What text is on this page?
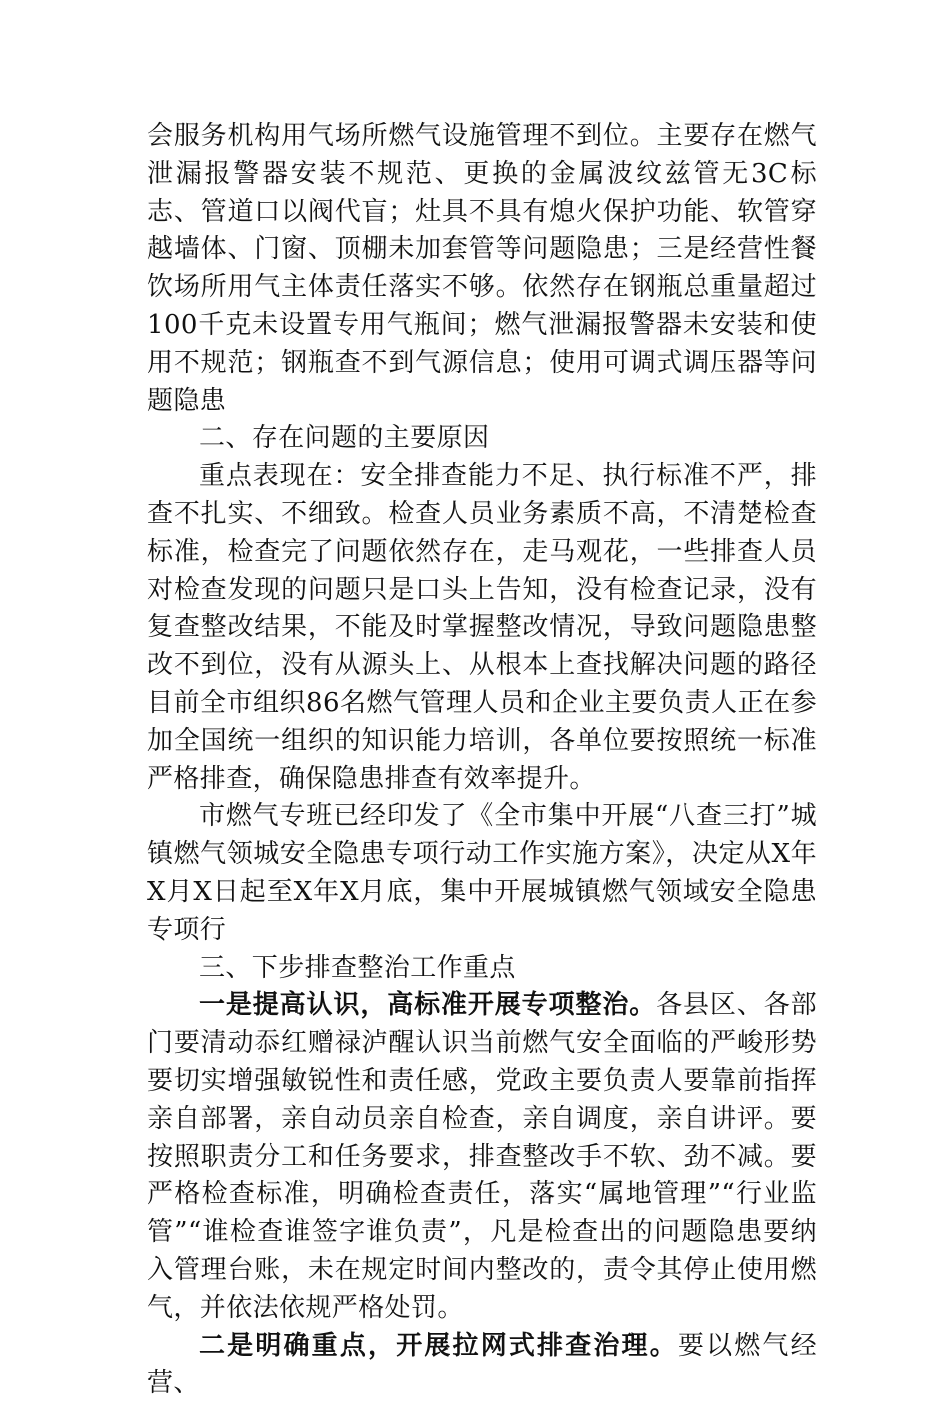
会服务机构用气场所燃气设施管理不到位。主要存在燃气泄漏报警器安装不规范、更换的金属波纹兹管无3C标志、管道口以阀代盲；灶具不具有熄火保护功能、软管穿越墙体、门窗、顶棚未加套管等问题隐患；三是经营性餐饮场所用气主体责任落实不够。依然存在钢瓶总重量超过100千克未设置专用气瓶间；燃气泄漏报警器未安装和使用不规范；钢瓶查不到气源信息；使用可调式调压器等问题隐患

二、存在问题的主要原因

重点表现在：安全排查能力不足、执行标准不严，排查不扎实、不细致。检查人员业务素质不高，不清楚检查标准，检查完了问题依然存在，走马观花，一些排查人员对检查发现的问题只是口头上告知，没有检查记录，没有复查整改结果，不能及时掌握整改情况，导致问题隐患整改不到位，没有从源头上、从根本上查找解决问题的路径目前全市组织86名燃气管理人员和企业主要负责人正在参加全国统一组织的知识能力培训，各单位要按照统一标准严格排查，确保隐患排查有效率提升。

市燃气专班已经印发了《全市集中开展“八查三打”城镇燃气领城安全隐患专项行动工作实施方案》，决定从X年X月X日起至X年X月底，集中开展城镇燃气领域安全隐患专项行

三、下步排查整治工作重点

一是提高认识，高标准开展专项整治。各县区、各部门要清动忝红赠禄泸醒认识当前燃气安全面临的严峻形势要切实增强敏锐性和责任感，党政主要负责人要靠前指挥亲自部署，亲自动员亲自检查，亲自调度，亲自讲评。要按照职责分工和任务要求，排查整改手不软、劲不减。要严格检查标准，明确检查责任，落实“属地管理”“行业监管”“谁检查谁签字谁负责”，凡是检查出的问题隐患要纳入管理台账，未在规定时间内整改的，责令其停止使用燃气，并依法依规严格处罚。

二是明确重点，开展拉网式排查治理。要以燃气经营、
